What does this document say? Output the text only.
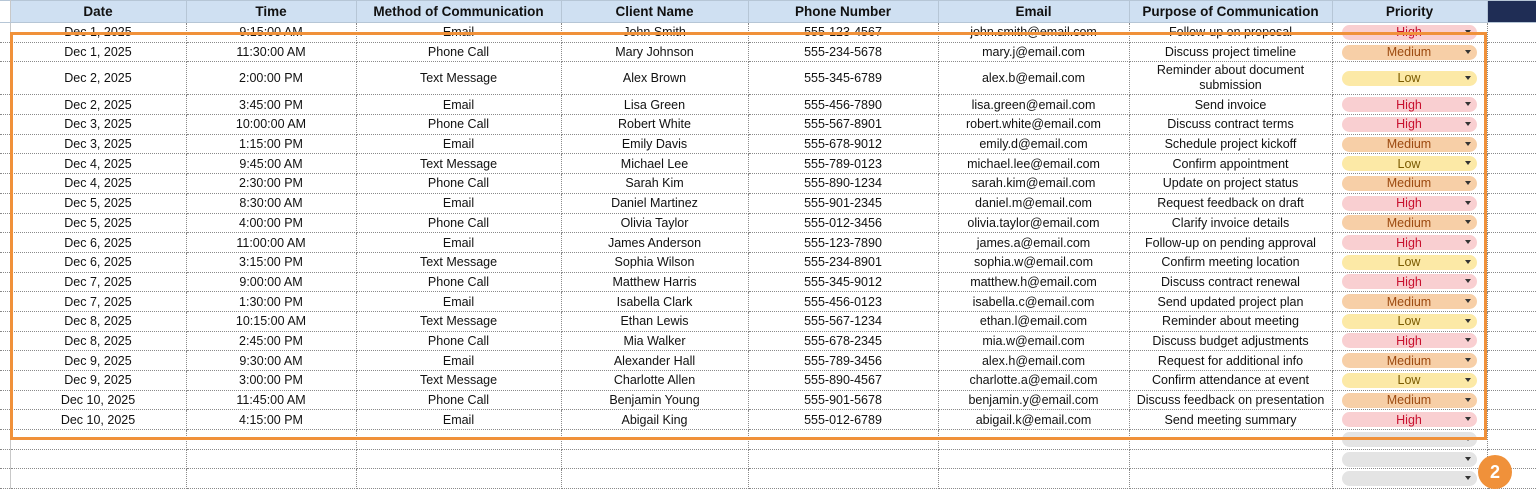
	Date	Time	Method of Communication	Client Name	Phone Number	Email	Purpose of Communication	Priority	
	Dec 1, 2025	9:15:00 AM	Email	John Smith	555-123-4567	john.smith@email.com	Follow-up on proposal	High	

	Dec 1, 2025	11:30:00 AM	Phone Call	Mary Johnson	555-234-5678	mary.j@email.com	Discuss project timeline	Medium	

	Dec 2, 2025	2:00:00 PM	Text Message	Alex Brown	555-345-6789	alex.b@email.com	Reminder about document submission	Low	

	Dec 2, 2025	3:45:00 PM	Email	Lisa Green	555-456-7890	lisa.green@email.com	Send invoice	High	

	Dec 3, 2025	10:00:00 AM	Phone Call	Robert White	555-567-8901	robert.white@email.com	Discuss contract terms	High	

	Dec 3, 2025	1:15:00 PM	Email	Emily Davis	555-678-9012	emily.d@email.com	Schedule project kickoff	Medium	

	Dec 4, 2025	9:45:00 AM	Text Message	Michael Lee	555-789-0123	michael.lee@email.com	Confirm appointment	Low	

	Dec 4, 2025	2:30:00 PM	Phone Call	Sarah Kim	555-890-1234	sarah.kim@email.com	Update on project status	Medium	

	Dec 5, 2025	8:30:00 AM	Email	Daniel Martinez	555-901-2345	daniel.m@email.com	Request feedback on draft	High	

	Dec 5, 2025	4:00:00 PM	Phone Call	Olivia Taylor	555-012-3456	olivia.taylor@email.com	Clarify invoice details	Medium	

	Dec 6, 2025	11:00:00 AM	Email	James Anderson	555-123-7890	james.a@email.com	Follow-up on pending approval	High	

	Dec 6, 2025	3:15:00 PM	Text Message	Sophia Wilson	555-234-8901	sophia.w@email.com	Confirm meeting location	Low	

	Dec 7, 2025	9:00:00 AM	Phone Call	Matthew Harris	555-345-9012	matthew.h@email.com	Discuss contract renewal	High	

	Dec 7, 2025	1:30:00 PM	Email	Isabella Clark	555-456-0123	isabella.c@email.com	Send updated project plan	Medium	

	Dec 8, 2025	10:15:00 AM	Text Message	Ethan Lewis	555-567-1234	ethan.l@email.com	Reminder about meeting	Low	

	Dec 8, 2025	2:45:00 PM	Phone Call	Mia Walker	555-678-2345	mia.w@email.com	Discuss budget adjustments	High	

	Dec 9, 2025	9:30:00 AM	Email	Alexander Hall	555-789-3456	alex.h@email.com	Request for additional info	Medium	

	Dec 9, 2025	3:00:00 PM	Text Message	Charlotte Allen	555-890-4567	charlotte.a@email.com	Confirm attendance at event	Low	

	Dec 10, 2025	11:45:00 AM	Phone Call	Benjamin Young	555-901-5678	benjamin.y@email.com	Discuss feedback on presentation	Medium	

	Dec 10, 2025	4:15:00 PM	Email	Abigail King	555-012-6789	abigail.k@email.com	Send meeting summary	High	

2
